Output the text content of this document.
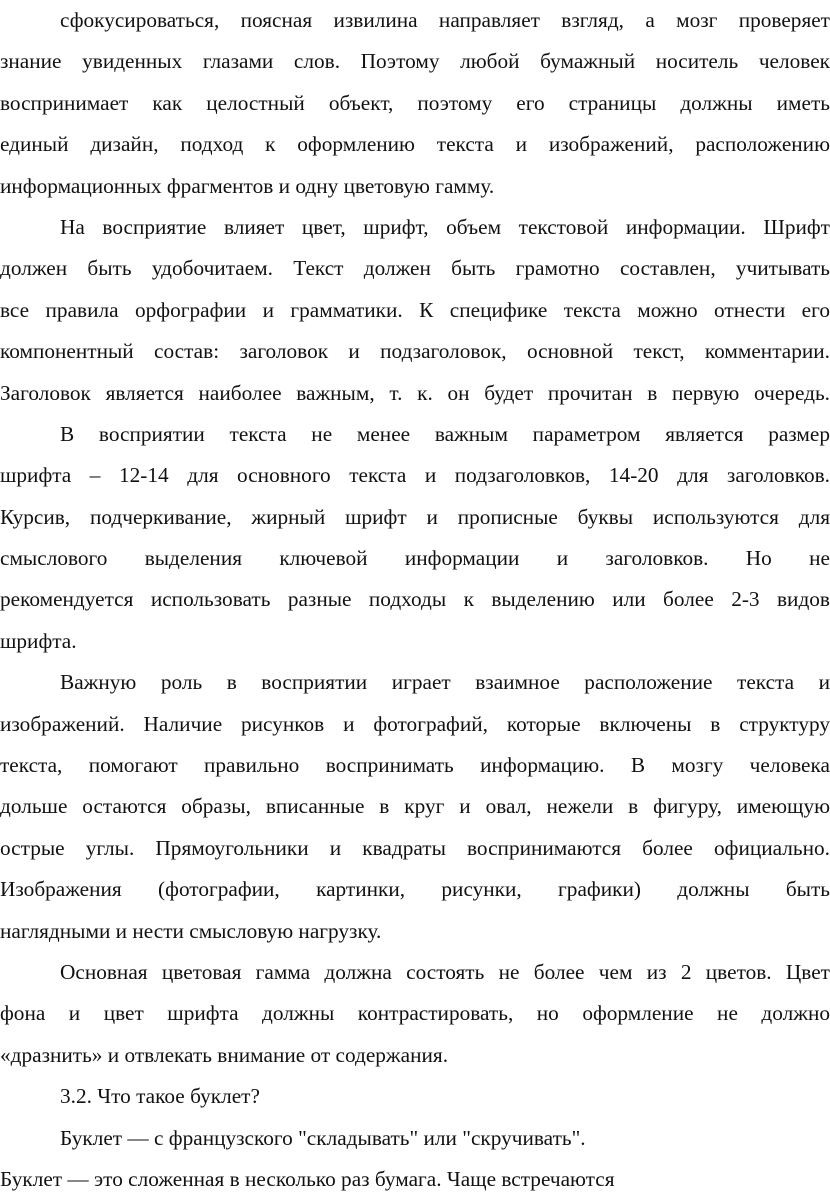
сфокусироваться, поясная извилина направляет взгляд, а мозг проверяет
знание увиденных глазами слов. Поэтому любой бумажный носитель человек
воспринимает как целостный объект, поэтому его страницы должны иметь
единый дизайн, подход к оформлению текста и изображений, расположению
информационных фрагментов и одну цветовую гамму.
На восприятие влияет цвет, шрифт, объем текстовой информации. Шрифт
должен быть удобочитаем. Текст должен быть грамотно составлен, учитывать
все правила орфографии и грамматики. К специфике текста можно отнести его
компонентный состав: заголовок и подзаголовок, основной текст, комментарии.
Заголовок является наиболее важным, т. к. он будет прочитан в первую очередь.
В восприятии текста не менее важным параметром является размер
шрифта – 12-14 для основного текста и подзаголовков, 14-20 для заголовков.
Курсив, подчеркивание, жирный шрифт и прописные буквы используются для
смыслового выделения ключевой информации и заголовков. Но не
рекомендуется использовать разные подходы к выделению или более 2-3 видов
шрифта.
Важную роль в восприятии играет взаимное расположение текста и
изображений. Наличие рисунков и фотографий, которые включены в структуру
текста, помогают правильно воспринимать информацию. В мозгу человека
дольше остаются образы, вписанные в круг и овал, нежели в фигуру, имеющую
острые углы. Прямоугольники и квадраты воспринимаются более официально.
Изображения (фотографии, картинки, рисунки, графики) должны быть
наглядными и нести смысловую нагрузку.
Основная цветовая гамма должна состоять не более чем из 2 цветов. Цвет
фона и цвет шрифта должны контрастировать, но оформление не должно
«дразнить» и отвлекать внимание от содержания.
3.2. Что такое буклет?
Буклет — с французского "складывать" или "скручивать".
Буклет — это сложенная в несколько раз бумага. Чаще встречаются
